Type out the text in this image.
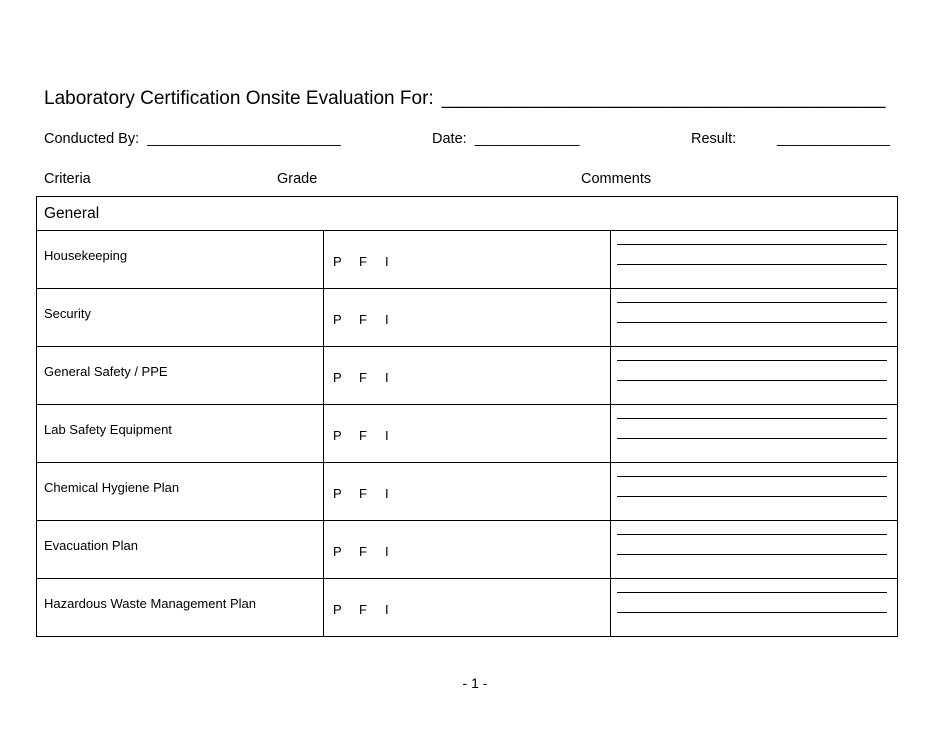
Laboratory Certification Onsite Evaluation For: __________________________________________
Conducted By: ________________________	Date: _____________	Result:	______________
Criteria	Grade	Comments
General		

Housekeeping	P F I	

Security	P F I	

General Safety / PPE	P F I	

Lab Safety Equipment	P F I	

Chemical Hygiene Plan	P F I	

Evacuation Plan	P F I	

Hazardous Waste Management Plan	P F I	

- 1 -
